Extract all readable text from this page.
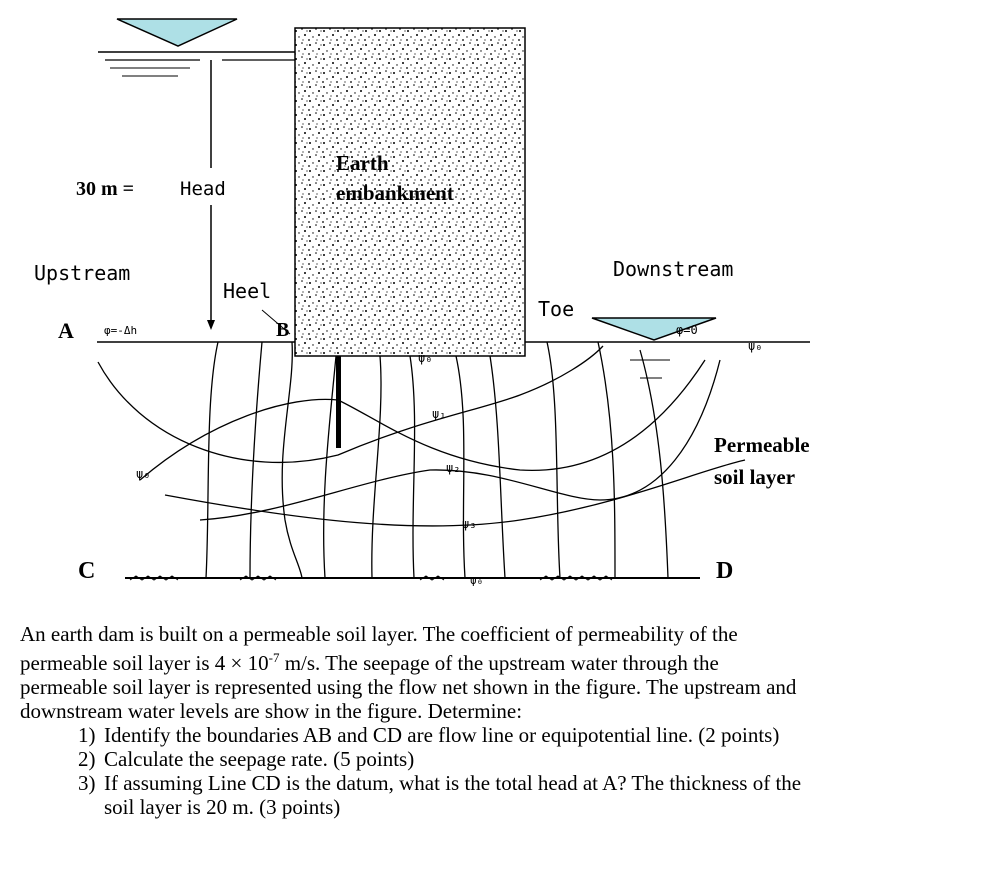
30 m = Head
Upstream	Downstream
Heel
Toe
Earth
embankment
A	B
C	D
Permeable
soil layer
φ=-Δh	φ=0
ψ₀
ψ₀
ψ₀
ψ₁
ψ₂
ψ₃
ψ₀

An earth dam is built on a permeable soil layer. The coefficient of permeability of the

permeable soil layer is $4 \times 10^{-7}$ m/s. The seepage of the upstream water through the

permeable soil layer is represented using the flow net shown in the figure. The upstream and

downstream water levels are show in the figure. Determine:

1) Identify the boundaries AB and CD are flow line or equipotential line. (2 points)
2) Calculate the seepage rate. (5 points)
3) If assuming Line CD is the datum, what is the total head at A? The thickness of the
soil layer is 20 m. (3 points)
